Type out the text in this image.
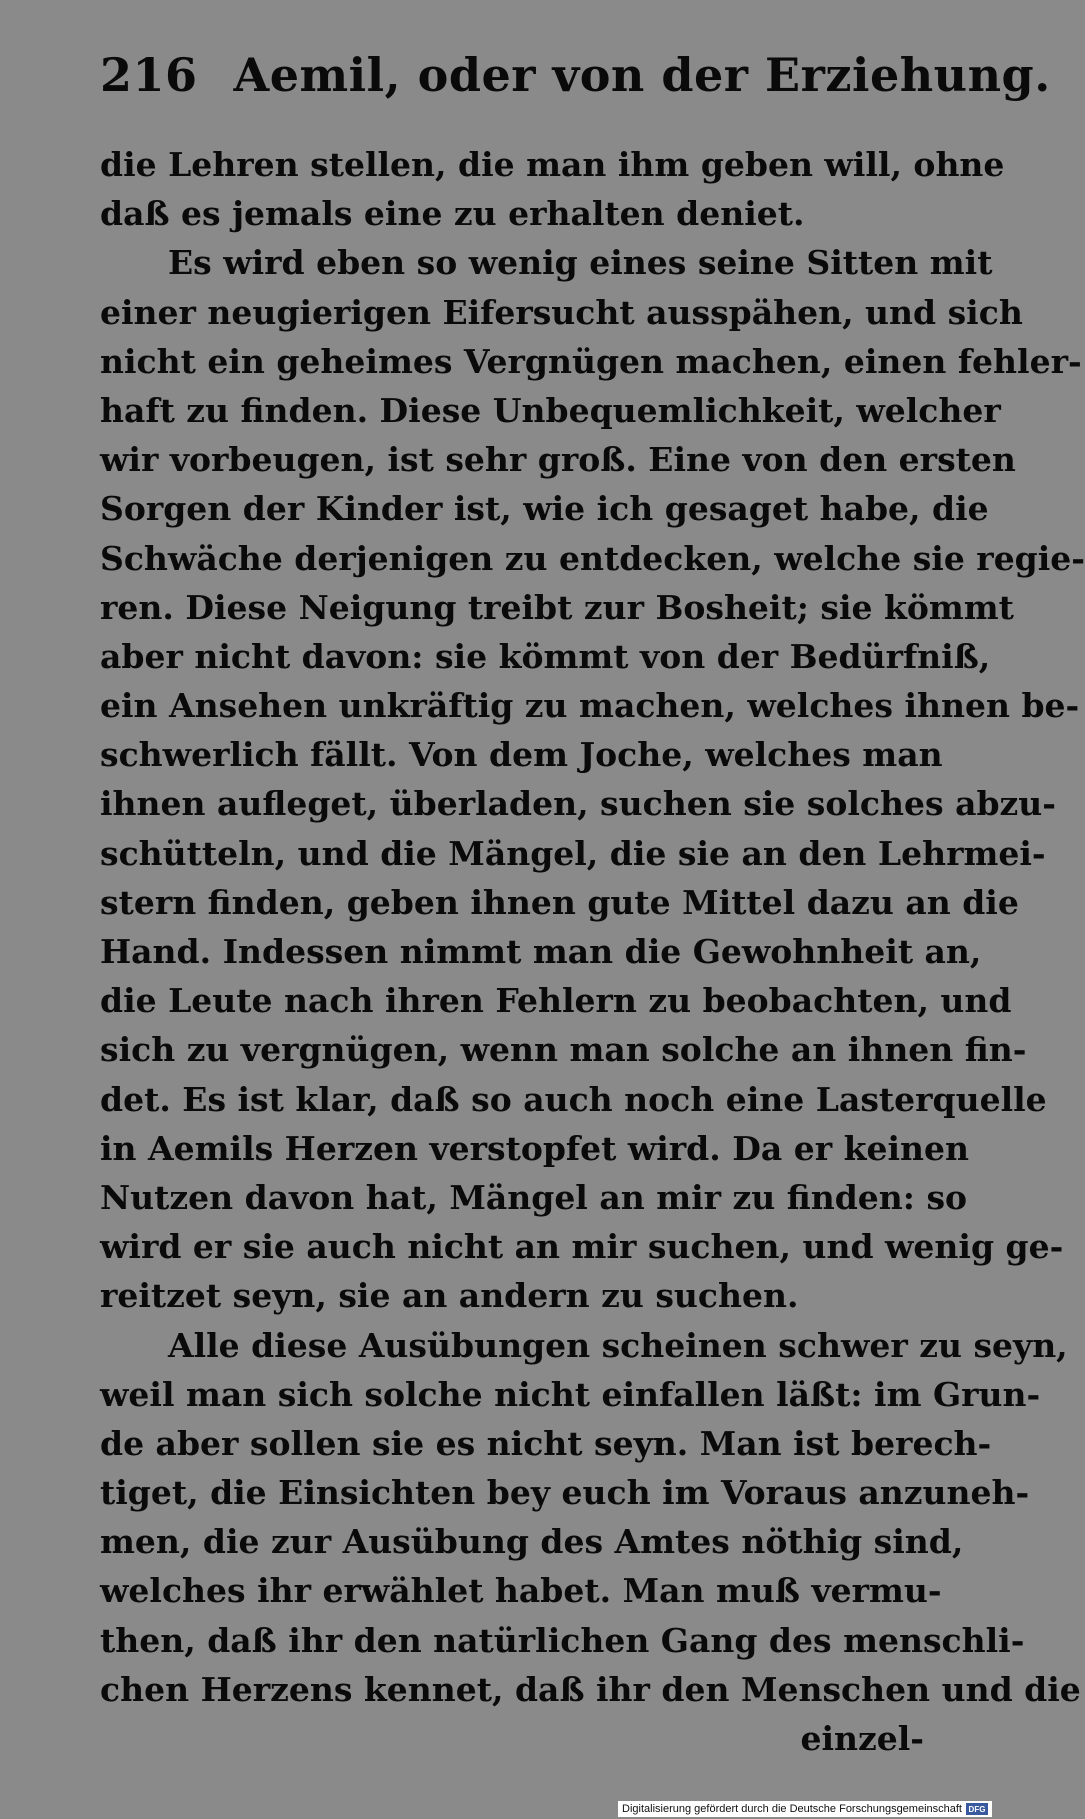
216 Aemil, oder von der Erziehung.
die Lehren stellen, die man ihm geben will, ohne
daß es jemals eine zu erhalten deniet.
Es wird eben so wenig eines seine Sitten mit
einer neugierigen Eifersucht ausspähen, und sich
nicht ein geheimes Vergnügen machen, einen fehler-
haft zu finden. Diese Unbequemlichkeit, welcher
wir vorbeugen, ist sehr groß. Eine von den ersten
Sorgen der Kinder ist, wie ich gesaget habe, die
Schwäche derjenigen zu entdecken, welche sie regie-
ren. Diese Neigung treibt zur Bosheit; sie kömmt
aber nicht davon: sie kömmt von der Bedürfniß,
ein Ansehen unkräftig zu machen, welches ihnen be-
schwerlich fällt. Von dem Joche, welches man
ihnen aufleget, überladen, suchen sie solches abzu-
schütteln, und die Mängel, die sie an den Lehrmei-
stern finden, geben ihnen gute Mittel dazu an die
Hand. Indessen nimmt man die Gewohnheit an,
die Leute nach ihren Fehlern zu beobachten, und
sich zu vergnügen, wenn man solche an ihnen fin-
det. Es ist klar, daß so auch noch eine Lasterquelle
in Aemils Herzen verstopfet wird. Da er keinen
Nutzen davon hat, Mängel an mir zu finden: so
wird er sie auch nicht an mir suchen, und wenig ge-
reitzet seyn, sie an andern zu suchen.
Alle diese Ausübungen scheinen schwer zu seyn,
weil man sich solche nicht einfallen läßt: im Grun-
de aber sollen sie es nicht seyn. Man ist berech-
tiget, die Einsichten bey euch im Voraus anzuneh-
men, die zur Ausübung des Amtes nöthig sind,
welches ihr erwählet habet. Man muß vermu-
then, daß ihr den natürlichen Gang des menschli-
chen Herzens kennet, daß ihr den Menschen und die
einzel-
Digitalisierung gefördert durch die Deutsche Forschungsgemeinschaft DFG
